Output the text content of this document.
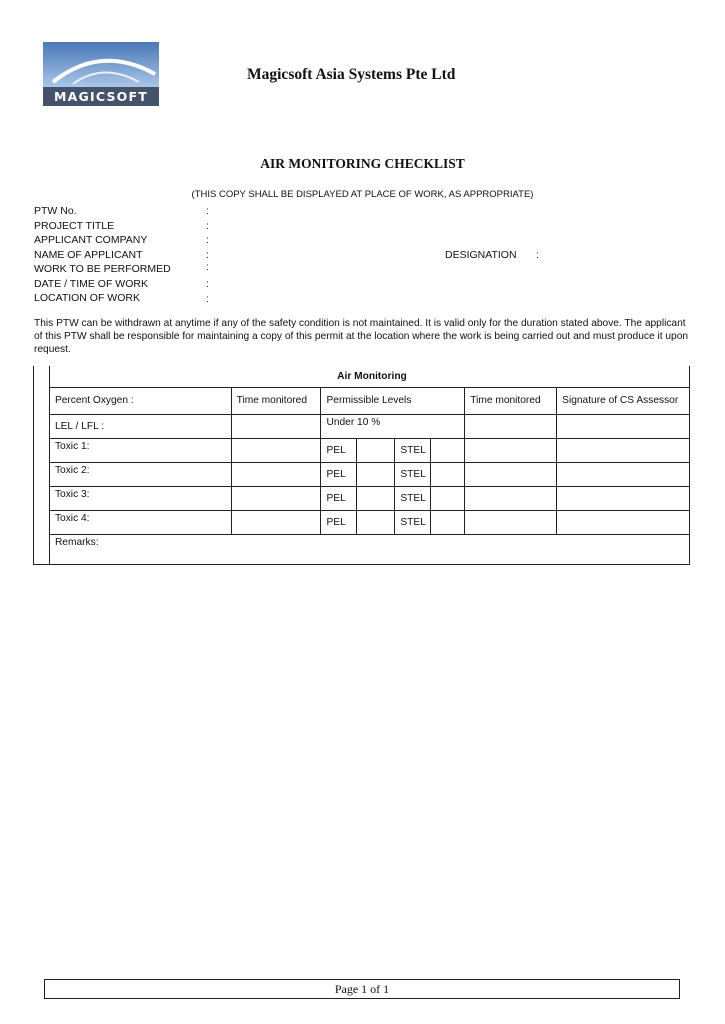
MAGICSOFT
Magicsoft Asia Systems Pte Ltd
AIR MONITORING CHECKLIST
(THIS COPY SHALL BE DISPLAYED AT PLACE OF WORK, AS APPROPRIATE)
PTW No.	:
PROJECT TITLE	:
APPLICANT COMPANY	:
NAME OF APPLICANT	:	DESIGNATION :
WORK TO BE PERFORMED	:
DATE / TIME OF WORK	:
LOCATION OF WORK	:
This PTW can be withdrawn at anytime if any of the safety condition is not maintained. It is valid only for the duration stated above. The applicant of this PTW shall be responsible for maintaining a copy of this permit at the location where the work is being carried out and must produce it upon request.
	Air Monitoring							
	Percent Oxygen :	Time monitored	Permissible Levels				Time monitored	Signature of CS Assessor
	LEL / LFL :		Under 10 %					
	Toxic 1:		PEL		STEL			
	Toxic 2:		PEL		STEL			
	Toxic 3:		PEL		STEL			
	Toxic 4:		PEL		STEL			
	Remarks:							
Page 1 of 1
